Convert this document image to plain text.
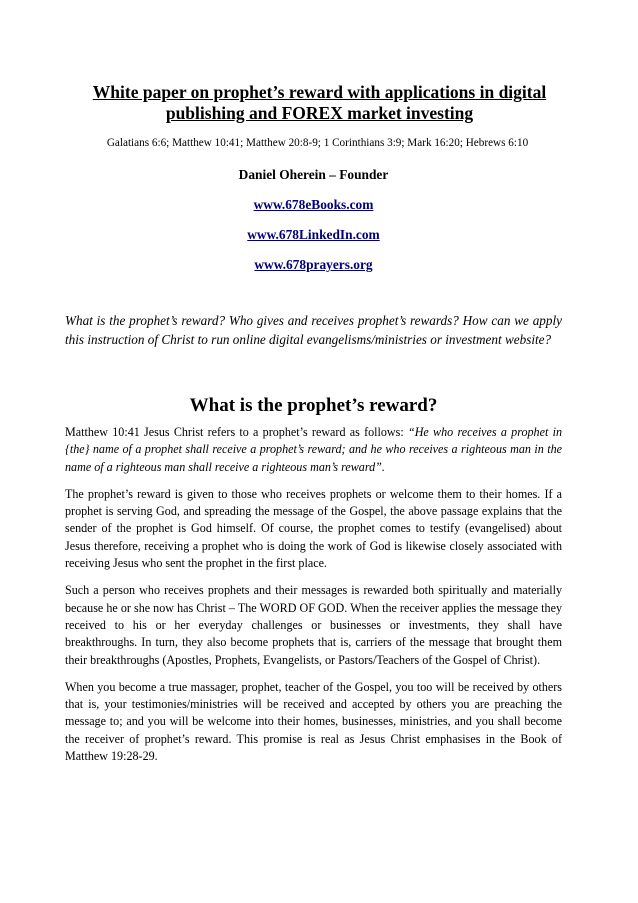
White paper on prophet’s reward with applications in digital publishing and FOREX market investing

Galatians 6:6; Matthew 10:41; Matthew 20:8-9; 1 Corinthians 3:9; Mark 16:20; Hebrews 6:10

Daniel Oherein – Founder

www.678eBooks.com
www.678LinkedIn.com
www.678prayers.org

What is the prophet’s reward? Who gives and receives prophet’s rewards? How can we apply this instruction of Christ to run online digital evangelisms/ministries or investment website?

What is the prophet’s reward?

Matthew 10:41 Jesus Christ refers to a prophet’s reward as follows: “He who receives a prophet in {the} name of a prophet shall receive a prophet’s reward; and he who receives a righteous man in the name of a righteous man shall receive a righteous man’s reward”.

The prophet’s reward is given to those who receives prophets or welcome them to their homes. If a prophet is serving God, and spreading the message of the Gospel, the above passage explains that the sender of the prophet is God himself. Of course, the prophet comes to testify (evangelised) about Jesus therefore, receiving a prophet who is doing the work of God is likewise closely associated with receiving Jesus who sent the prophet in the first place.

Such a person who receives prophets and their messages is rewarded both spiritually and materially because he or she now has Christ – The WORD OF GOD. When the receiver applies the message they received to his or her everyday challenges or businesses or investments, they shall have breakthroughs. In turn, they also become prophets that is, carriers of the message that brought them their breakthroughs (Apostles, Prophets, Evangelists, or Pastors/Teachers of the Gospel of Christ).

When you become a true massager, prophet, teacher of the Gospel, you too will be received by others that is, your testimonies/ministries will be received and accepted by others you are preaching the message to; and you will be welcome into their homes, businesses, ministries, and you shall become the receiver of prophet’s reward. This promise is real as Jesus Christ emphasises in the Book of Matthew 19:28-29.
